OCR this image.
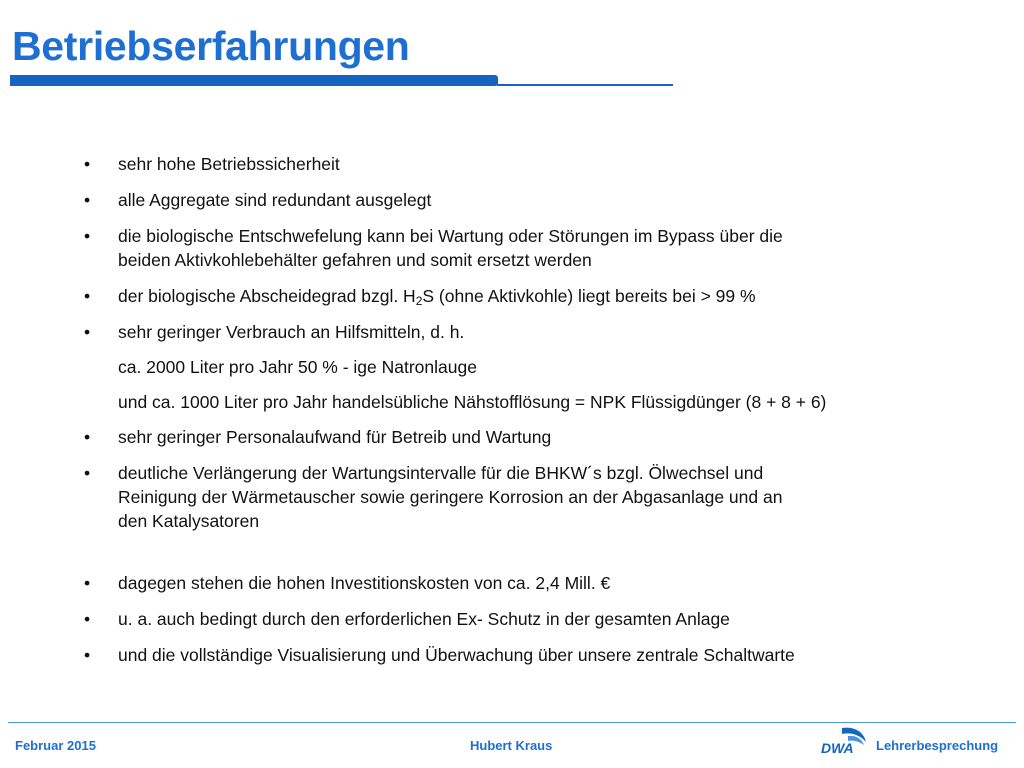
Betriebserfahrungen

• sehr hohe Betriebssicherheit

• alle Aggregate sind redundant ausgelegt

• die biologische Entschwefelung kann bei Wartung oder Störungen im Bypass über die
beiden Aktivkohlebehälter gefahren und somit ersetzt werden

• der biologische Abscheidegrad bzgl. $H_2S$ (ohne Aktivkohle) liegt bereits bei > 99 %

• sehr geringer Verbrauch an Hilfsmitteln, d. h.

ca. 2000 Liter pro Jahr 50 % - ige Natronlauge

und ca. 1000 Liter pro Jahr handelsübliche Nähstofflösung = NPK Flüssigdünger (8 + 8 + 6)

• sehr geringer Personalaufwand für Betreib und Wartung

• deutliche Verlängerung der Wartungsintervalle für die BHKW´s bzgl. Ölwechsel und
Reinigung der Wärmetauscher sowie geringere Korrosion an der Abgasanlage und an
den Katalysatoren

• dagegen stehen die hohen Investitionskosten von ca. 2,4 Mill. €

• u. a. auch bedingt durch den erforderlichen Ex- Schutz in der gesamten Anlage

• und die vollständige Visualisierung und Überwachung über unsere zentrale Schaltwarte

Februar 2015	Hubert Kraus	DWA Lehrerbesprechung
